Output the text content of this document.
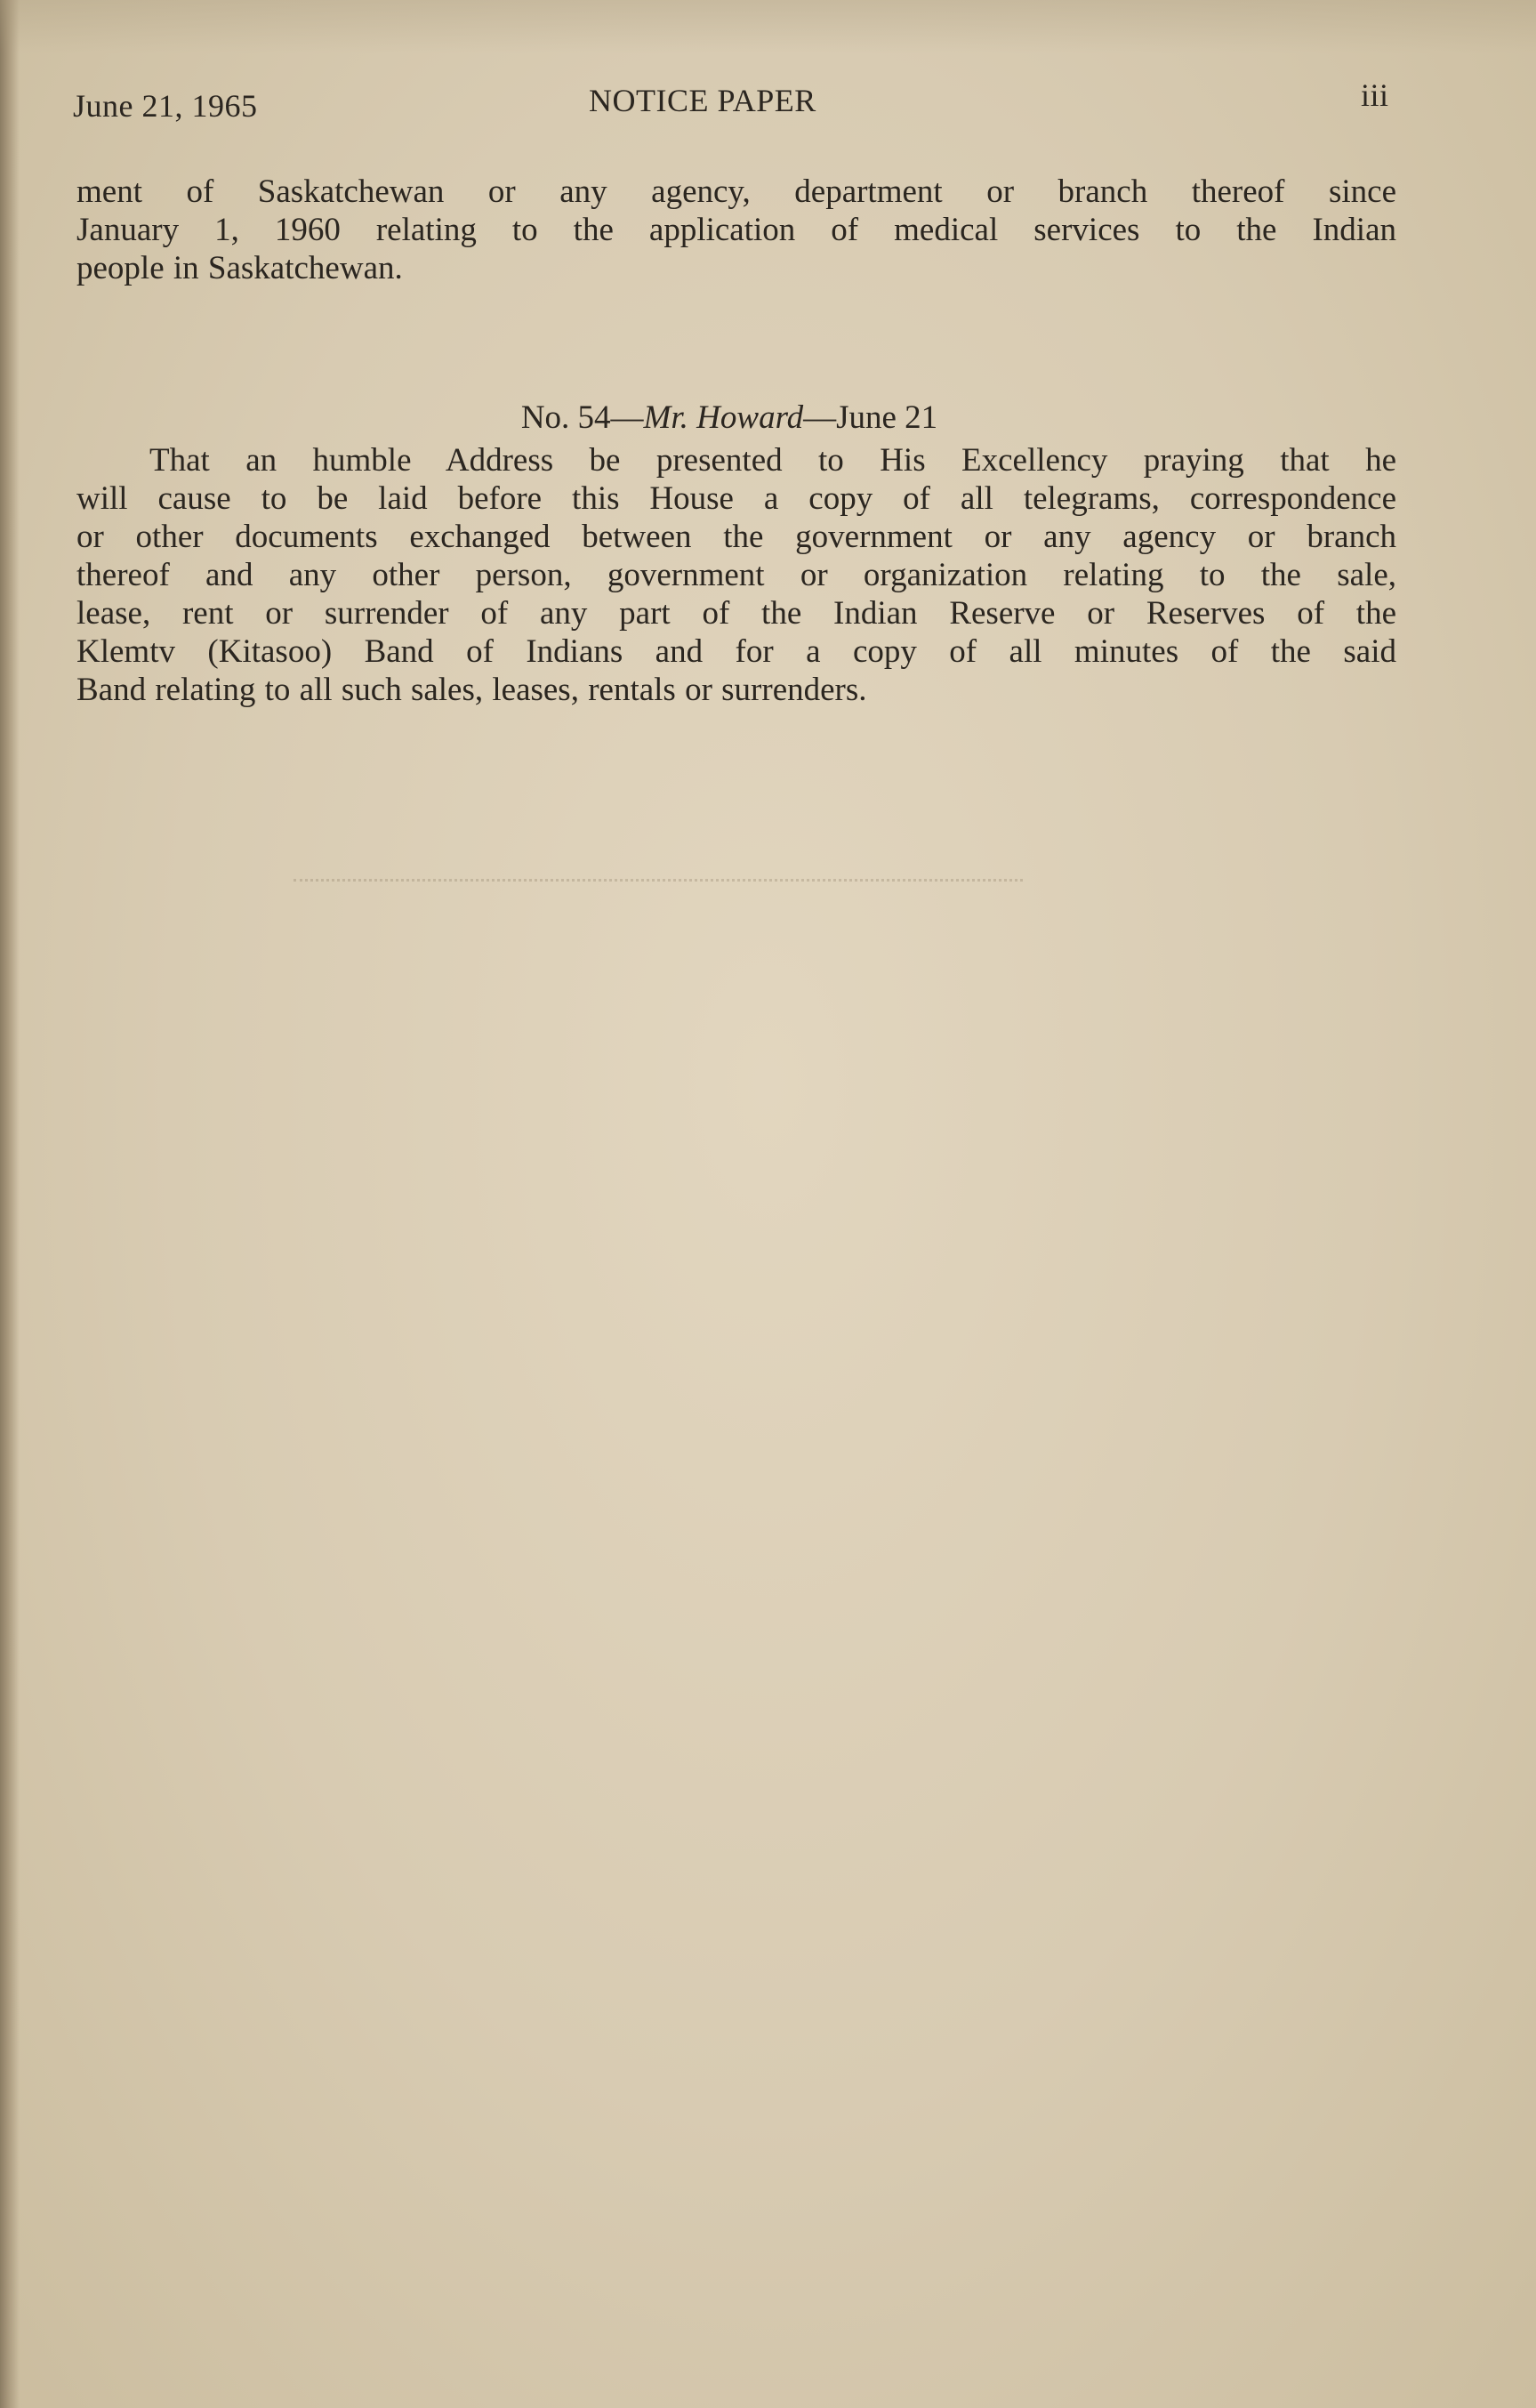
June 21, 1965	NOTICE PAPER	iii
ment of Saskatchewan or any agency, department or branch thereof since
January 1, 1960 relating to the application of medical services to the Indian
people in Saskatchewan.
No. 54—Mr. Howard—June 21
That an humble Address be presented to His Excellency praying that he
will cause to be laid before this House a copy of all telegrams, correspondence
or other documents exchanged between the government or any agency or branch
thereof and any other person, government or organization relating to the sale,
lease, rent or surrender of any part of the Indian Reserve or Reserves of the
Klemtv (Kitasoo) Band of Indians and for a copy of all minutes of the said
Band relating to all such sales, leases, rentals or surrenders.
